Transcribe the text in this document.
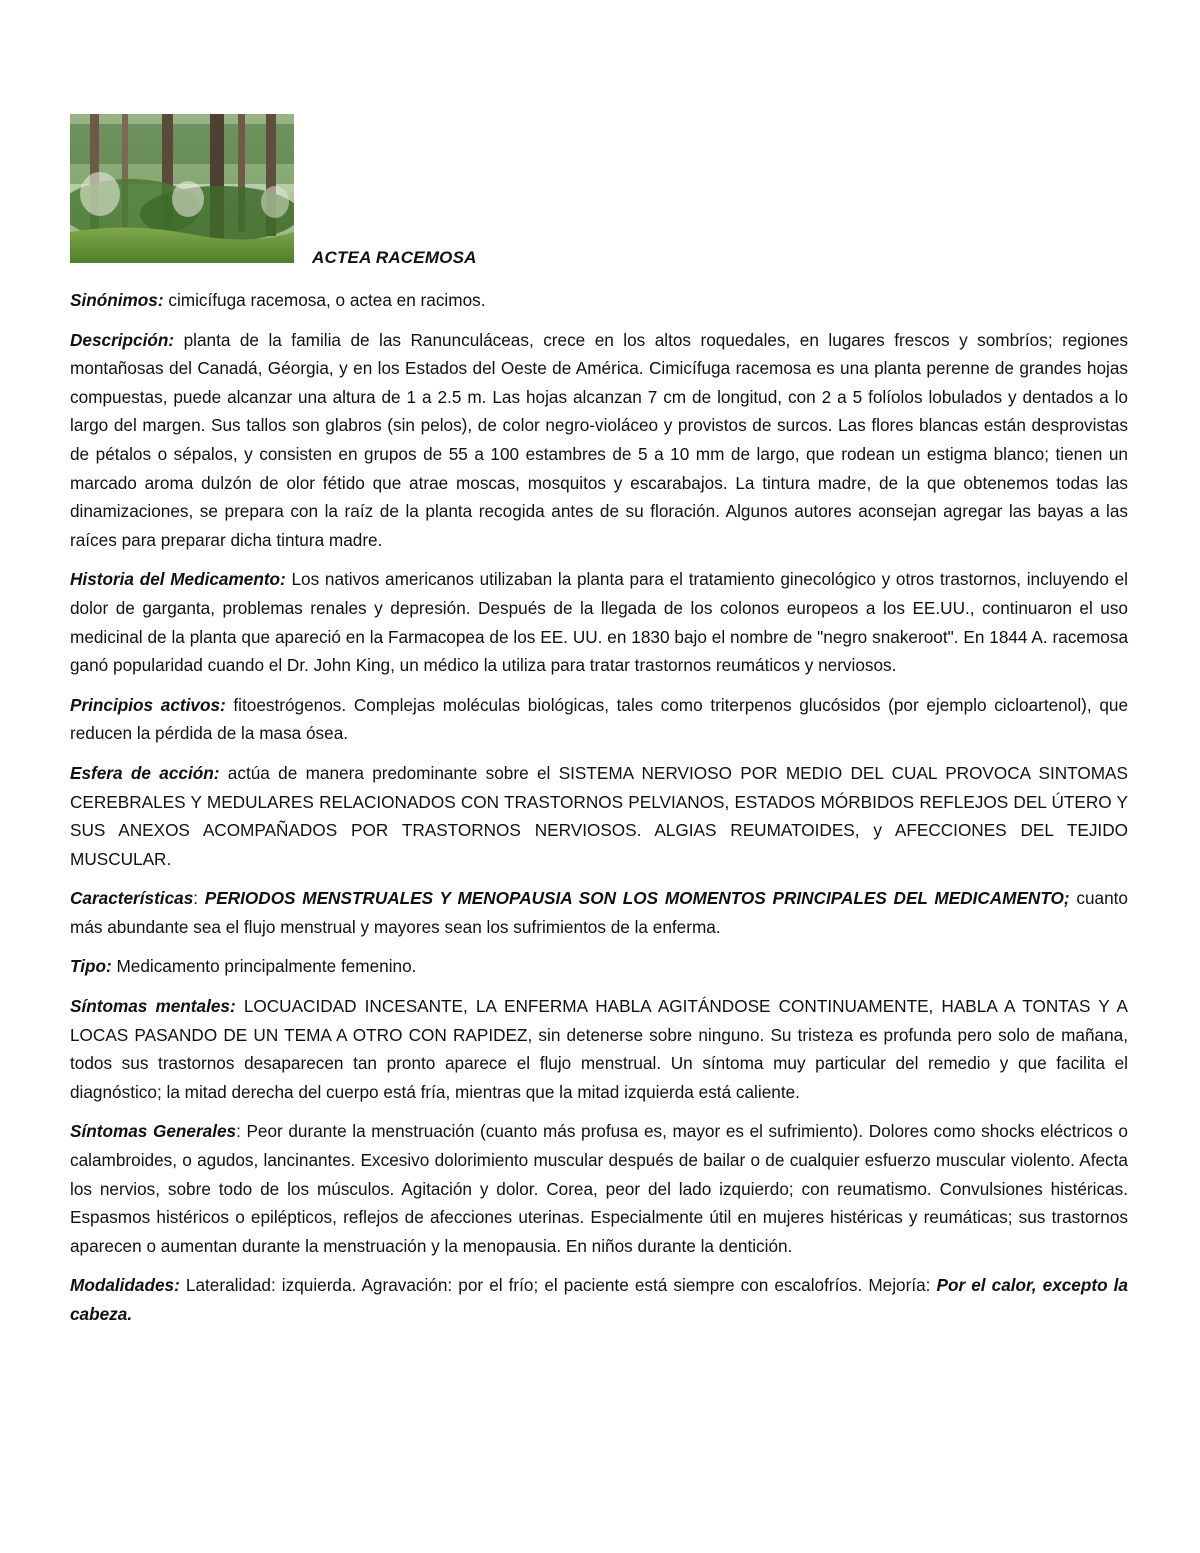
ACTEA RACEMOSA

Sinónimos: cimicífuga racemosa, o actea en racimos.

Descripción: planta de la familia de las Ranunculáceas, crece en los altos roquedales, en lugares frescos y sombríos; regiones montañosas del Canadá, Géorgia, y en los Estados del Oeste de América. Cimicífuga racemosa es una planta perenne de grandes hojas compuestas, puede alcanzar una altura de 1 a 2.5 m. Las hojas alcanzan 7 cm de longitud, con 2 a 5 folíolos lobulados y dentados a lo largo del margen. Sus tallos son glabros (sin pelos), de color negro-violáceo y provistos de surcos. Las flores blancas están desprovistas de pétalos o sépalos, y consisten en grupos de 55 a 100 estambres de 5 a 10 mm de largo, que rodean un estigma blanco; tienen un marcado aroma dulzón de olor fétido que atrae moscas, mosquitos y escarabajos. La tintura madre, de la que obtenemos todas las dinamizaciones, se prepara con la raíz de la planta recogida antes de su floración. Algunos autores aconsejan agregar las bayas a las raíces para preparar dicha tintura madre.

Historia del Medicamento: Los nativos americanos utilizaban la planta para el tratamiento ginecológico y otros trastornos, incluyendo el dolor de garganta, problemas renales y depresión. Después de la llegada de los colonos europeos a los EE.UU., continuaron el uso medicinal de la planta que apareció en la Farmacopea de los EE. UU. en 1830 bajo el nombre de "negro snakeroot". En 1844 A. racemosa ganó popularidad cuando el Dr. John King, un médico la utiliza para tratar trastornos reumáticos y nerviosos.

Principios activos: fitoestrógenos. Complejas moléculas biológicas, tales como triterpenos glucósidos (por ejemplo cicloartenol), que reducen la pérdida de la masa ósea.

Esfera de acción: actúa de manera predominante sobre el SISTEMA NERVIOSO POR MEDIO DEL CUAL PROVOCA SINTOMAS CEREBRALES Y MEDULARES RELACIONADOS CON TRASTORNOS PELVIANOS, ESTADOS MÓRBIDOS REFLEJOS DEL ÚTERO Y SUS ANEXOS ACOMPAÑADOS POR TRASTORNOS NERVIOSOS. ALGIAS REUMATOIDES, y AFECCIONES DEL TEJIDO MUSCULAR.

Características: PERIODOS MENSTRUALES Y MENOPAUSIA SON LOS MOMENTOS PRINCIPALES DEL MEDICAMENTO; cuanto más abundante sea el flujo menstrual y mayores sean los sufrimientos de la enferma.

Tipo: Medicamento principalmente femenino.

Síntomas mentales: LOCUACIDAD INCESANTE, LA ENFERMA HABLA AGITÁNDOSE CONTINUAMENTE, HABLA A TONTAS Y A LOCAS PASANDO DE UN TEMA A OTRO CON RAPIDEZ, sin detenerse sobre ninguno. Su tristeza es profunda pero solo de mañana, todos sus trastornos desaparecen tan pronto aparece el flujo menstrual. Un síntoma muy particular del remedio y que facilita el diagnóstico; la mitad derecha del cuerpo está fría, mientras que la mitad izquierda está caliente.

Síntomas Generales: Peor durante la menstruación (cuanto más profusa es, mayor es el sufrimiento). Dolores como shocks eléctricos o calambroides, o agudos, lancinantes. Excesivo dolorimiento muscular después de bailar o de cualquier esfuerzo muscular violento. Afecta los nervios, sobre todo de los músculos. Agitación y dolor. Corea, peor del lado izquierdo; con reumatismo. Convulsiones histéricas. Espasmos histéricos o epilépticos, reflejos de afecciones uterinas. Especialmente útil en mujeres histéricas y reumáticas; sus trastornos aparecen o aumentan durante la menstruación y la menopausia. En niños durante la dentición.

Modalidades: Lateralidad: izquierda. Agravación: por el frío; el paciente está siempre con escalofríos. Mejoría: Por el calor, excepto la cabeza.
